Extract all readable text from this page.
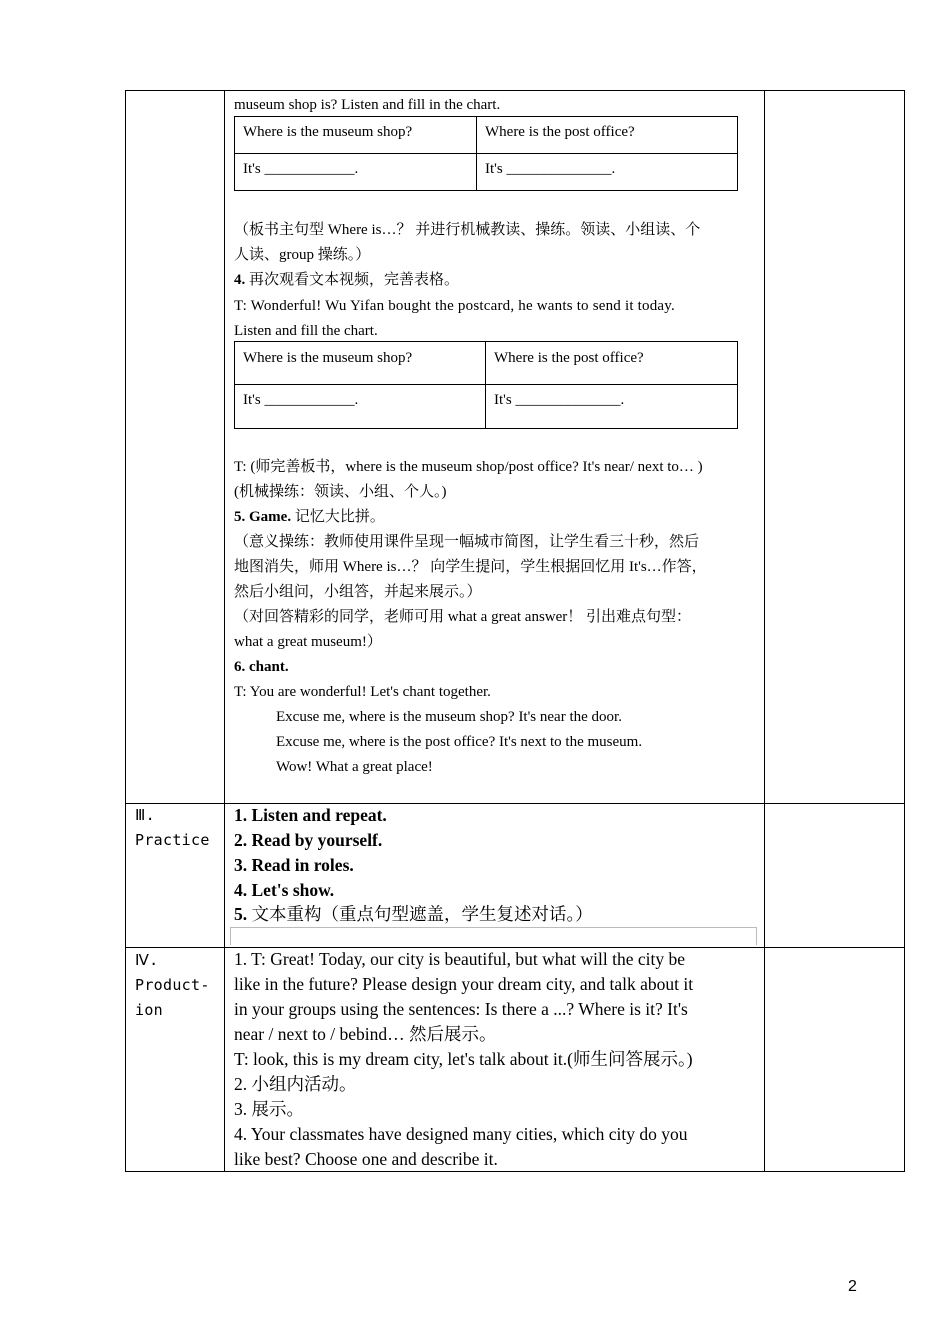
museum shop is? Listen and fill in the chart.
Where is the museum shop?	Where is the post office?
It's ____________.	It's ______________.
（板书主句型 Where is…？ 并进行机械教读、操练。领读、小组读、个
人读、group 操练。）
4. 再次观看文本视频，完善表格。
T: Wonderful! Wu Yifan bought the postcard, he wants to send it today.
Listen and fill the chart.
Where is the museum shop?	Where is the post office?
It's ____________.	It's ______________.
T: (师完善板书，where is the museum shop/post office? It's near/ next to… )
(机械操练：领读、小组、个人。)
5. Game. 记忆大比拼。
（意义操练：教师使用课件呈现一幅城市简图，让学生看三十秒，然后
地图消失，师用 Where is…？ 向学生提问，学生根据回忆用 It's…作答，
然后小组问，小组答，并起来展示。）
（对回答精彩的同学，老师可用 what a great answer！ 引出难点句型：
what a great museum!）
6. chant.
T: You are wonderful! Let's chant together.
Excuse me, where is the museum shop? It's near the door.
Excuse me, where is the post office? It's next to the museum.
Wow! What a great place!
Ⅲ.
Practice
1. Listen and repeat.
2. Read by yourself.
3. Read in roles.
4. Let's show.
5. 文本重构（重点句型遮盖，学生复述对话。）
Ⅳ.
Product-
ion
1. T: Great! Today, our city is beautiful, but what will the city be
like in the future? Please design your dream city, and talk about it
in your groups using the sentences: Is there a ...? Where is it? It's
near / next to / bebind… 然后展示。
T: look, this is my dream city, let's talk about it.(师生问答展示。)
2. 小组内活动。
3. 展示。
4. Your classmates have designed many cities, which city do you
like best? Choose one and describe it.
2
